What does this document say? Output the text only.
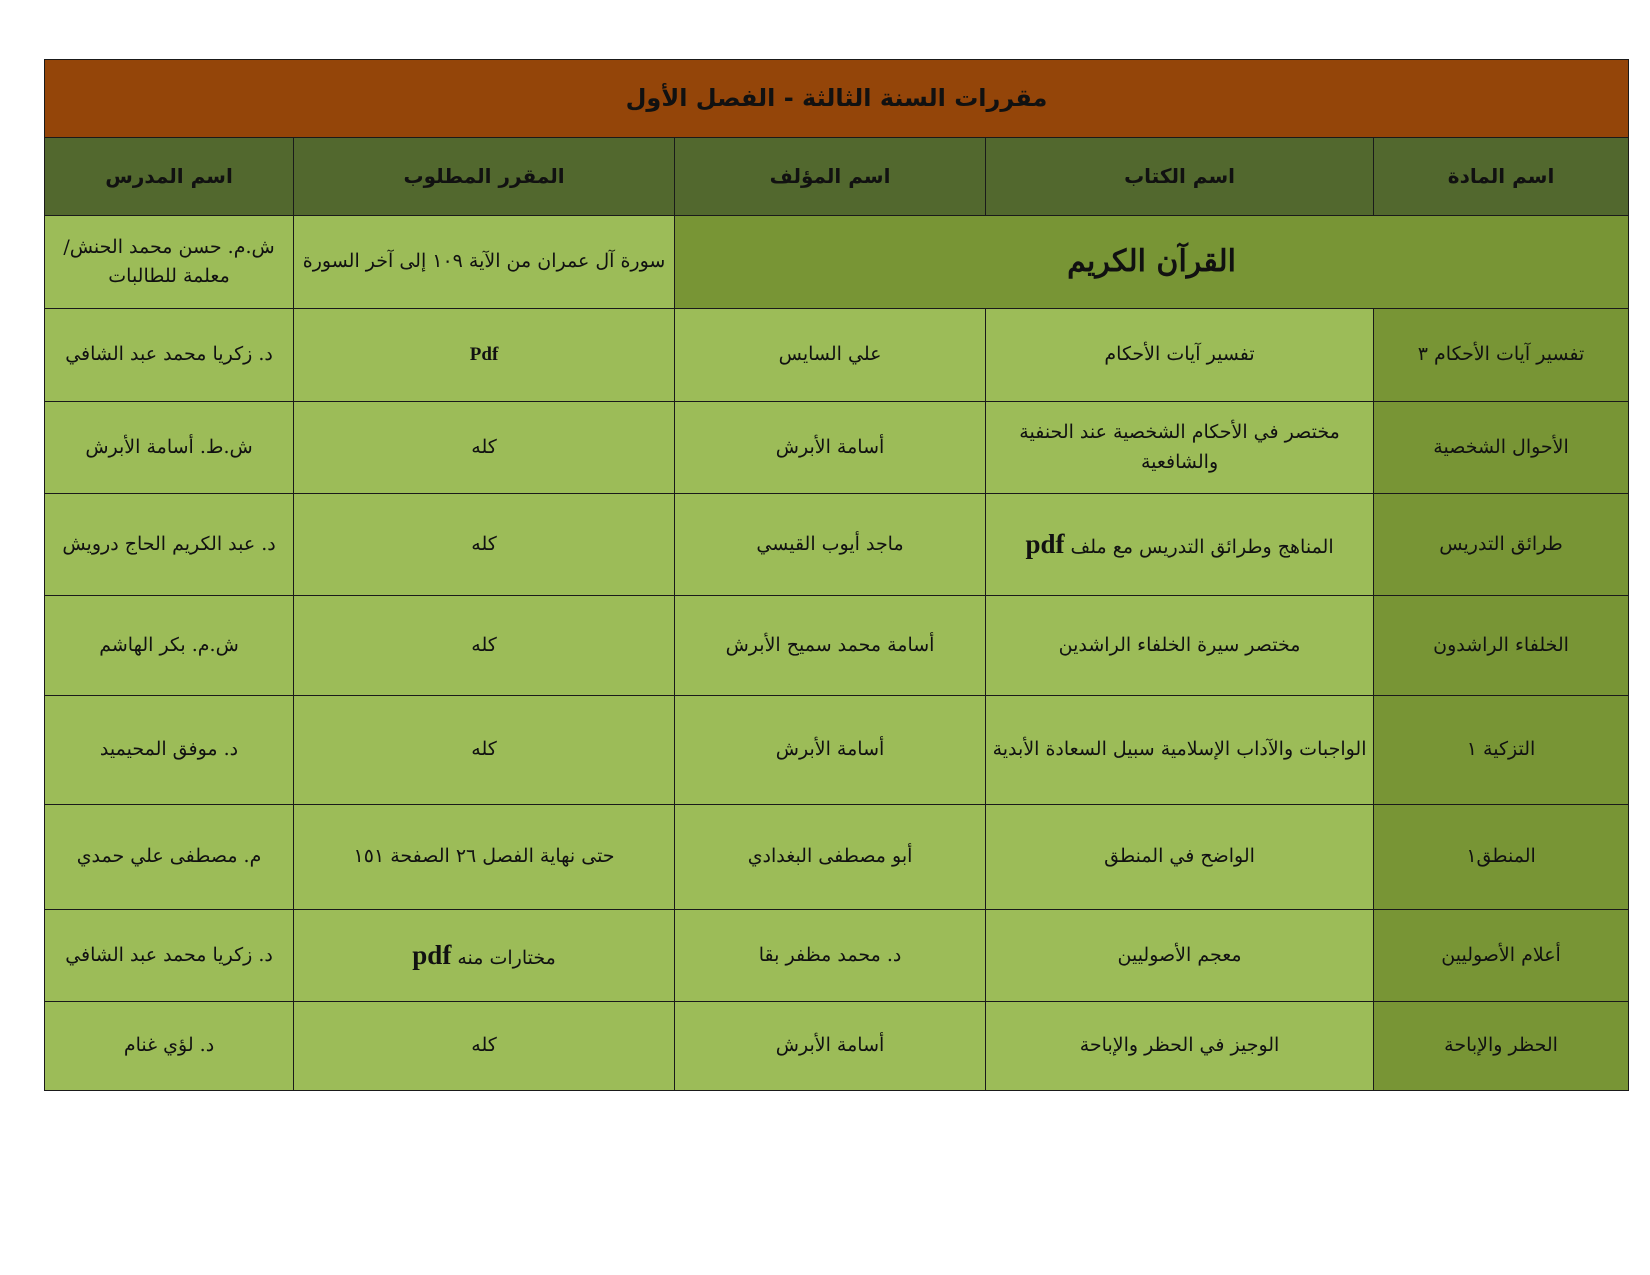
مقررات السنة الثالثة - الفصل الأول				
اسم المادة	اسم الكتاب	اسم المؤلف	المقرر المطلوب	اسم المدرس
القرآن الكريم			سورة آل عمران من الآية ١٠٩ إلى آخر السورة	ش.م. حسن محمد الحنش/ معلمة للطالبات
تفسير آيات الأحكام ٣	تفسير آيات الأحكام	علي السايس	Pdf	د. زكريا محمد عبد الشافي
الأحوال الشخصية	مختصر في الأحكام الشخصية عند الحنفية والشافعية	أسامة الأبرش	كله	ش.ط. أسامة الأبرش
طرائق التدريس	المناهج وطرائق التدريس مع ملف pdf	ماجد أيوب القيسي	كله	د. عبد الكريم الحاج درويش
الخلفاء الراشدون	مختصر سيرة الخلفاء الراشدين	أسامة محمد سميح الأبرش	كله	ش.م. بكر الهاشم
التزكية ١	الواجبات والآداب الإسلامية سبيل السعادة الأبدية	أسامة الأبرش	كله	د. موفق المحيميد
المنطق١	الواضح في المنطق	أبو مصطفى البغدادي	حتى نهاية الفصل ٢٦ الصفحة ١٥١	م. مصطفى علي حمدي
أعلام الأصوليين	معجم الأصوليين	د. محمد مظفر بقا	مختارات منه pdf	د. زكريا محمد عبد الشافي
الحظر والإباحة	الوجيز في الحظر والإباحة	أسامة الأبرش	كله	د. لؤي غنام
